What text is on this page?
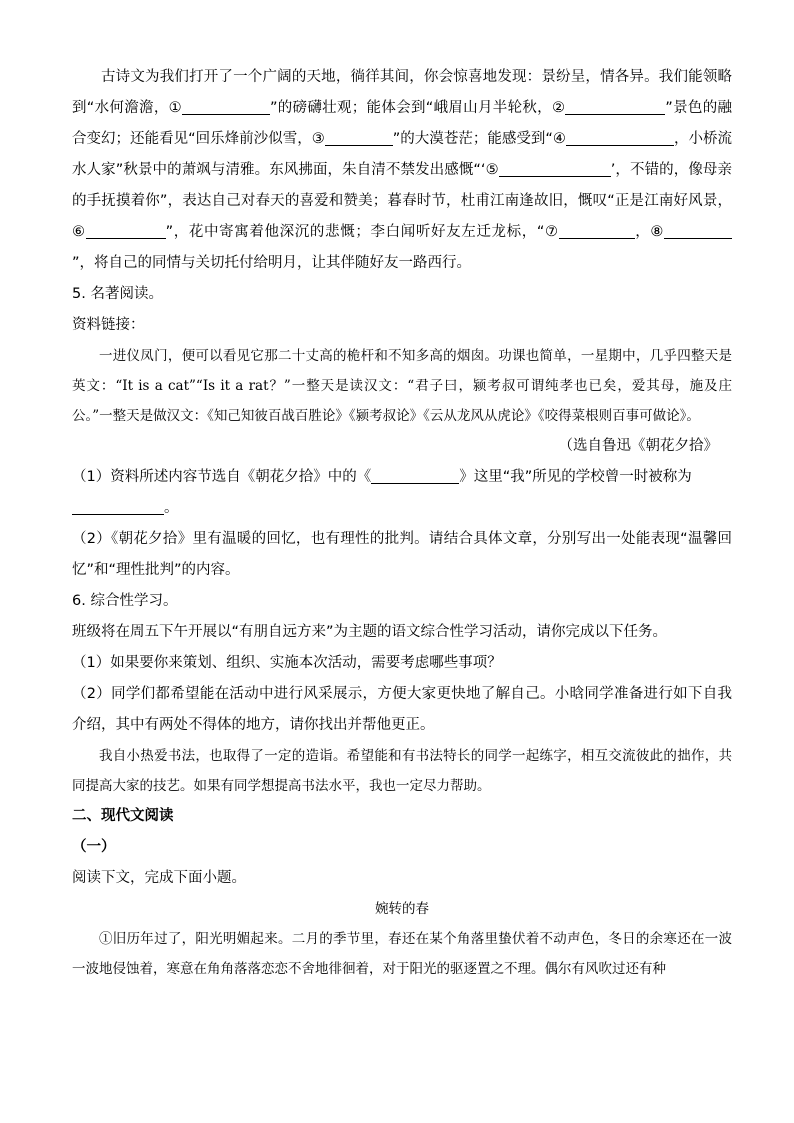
古诗文为我们打开了一个广阔的天地，徜徉其间，你会惊喜地发现：景纷呈，情各异。我们能领略到“水何澹澹，①	”的磅礴壮观；能体会到“峨眉山月半轮秋，②	”景色的融合变幻；还能看见“回乐烽前沙似雪，③	”的大漠苍茫；能感受到“④	，小桥流水人家”秋景中的萧飒与清雅。东风拂面，朱自清不禁发出感慨“‘⑤	’，不错的，像母亲的手抚摸着你”，表达自己对春天的喜爱和赞美；暮春时节，杜甫江南逢故旧，慨叹“正是江南好风景，⑥	”，花中寄寓着他深沉的悲慨；李白闻听好友左迁龙标，“⑦	，⑧”，将自己的同情与关切托付给明月，让其伴随好友一路西行。

5. 名著阅读。

资料链接：

一进仪凤门，便可以看见它那二十丈高的桅杆和不知多高的烟囱。功课也简单，一星期中，几乎四整天是英文：“It is a cat”“Is it a rat？”一整天是读汉文：“君子曰，颍考叔可谓纯孝也已矣，爱其母，施及庄公。”一整天是做汉文：《知己知彼百战百胜论》《颍考叔论》《云从龙风从虎论》《咬得菜根则百事可做论》。

（选自鲁迅《朝花夕拾》

（1）资料所述内容节选自《朝花夕拾》中的《	》这里“我”所见的学校曾一时被称为
。

（2）《朝花夕拾》里有温暖的回忆，也有理性的批判。请结合具体文章，分别写出一处能表现“温馨回忆”和“理性批判”的内容。

6. 综合性学习。

班级将在周五下午开展以“有朋自远方来”为主题的语文综合性学习活动，请你完成以下任务。

（1）如果要你来策划、组织、实施本次活动，需要考虑哪些事项？

（2）同学们都希望能在活动中进行风采展示，方便大家更快地了解自己。小晗同学准备进行如下自我介绍，其中有两处不得体的地方，请你找出并帮他更正。

我自小热爱书法，也取得了一定的造诣。希望能和有书法特长的同学一起练字，相互交流彼此的拙作，共同提高大家的技艺。如果有同学想提高书法水平，我也一定尽力帮助。

二、现代文阅读

（一）

阅读下文，完成下面小题。

婉转的春

①旧历年过了，阳光明媚起来。二月的季节里，春还在某个角落里蛰伏着不动声色，冬日的余寒还在一波一波地侵蚀着，寒意在角角落落恋恋不舍地徘徊着，对于阳光的驱逐置之不理。偶尔有风吹过还有种
